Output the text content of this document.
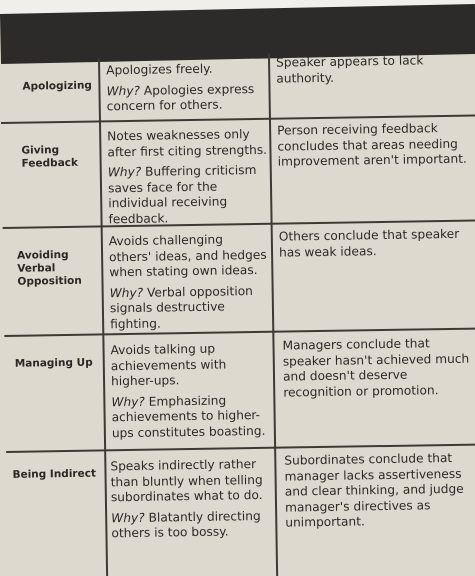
Apologizing

Apologizes freely.

Why? Apologies express concern for others.

Speaker appears to lack authority.

Giving Feedback

Notes weaknesses only after first citing strengths.

Why? Buffering criticism saves face for the individual receiving feedback.

Person receiving feedback concludes that areas needing improvement aren't important.

Avoiding Verbal Opposition

Avoids challenging others' ideas, and hedges when stating own ideas.

Why? Verbal opposition signals destructive fighting.

Others conclude that speaker has weak ideas.

Managing Up

Avoids talking up achievements with higher-ups.

Why? Emphasizing achievements to higher-ups constitutes boasting.

Managers conclude that speaker hasn't achieved much and doesn't deserve recognition or promotion.

Being Indirect

Speaks indirectly rather than bluntly when telling subordinates what to do.

Why? Blatantly directing others is too bossy.

Subordinates conclude that manager lacks assertiveness and clear thinking, and judge manager's directives as unimportant.
